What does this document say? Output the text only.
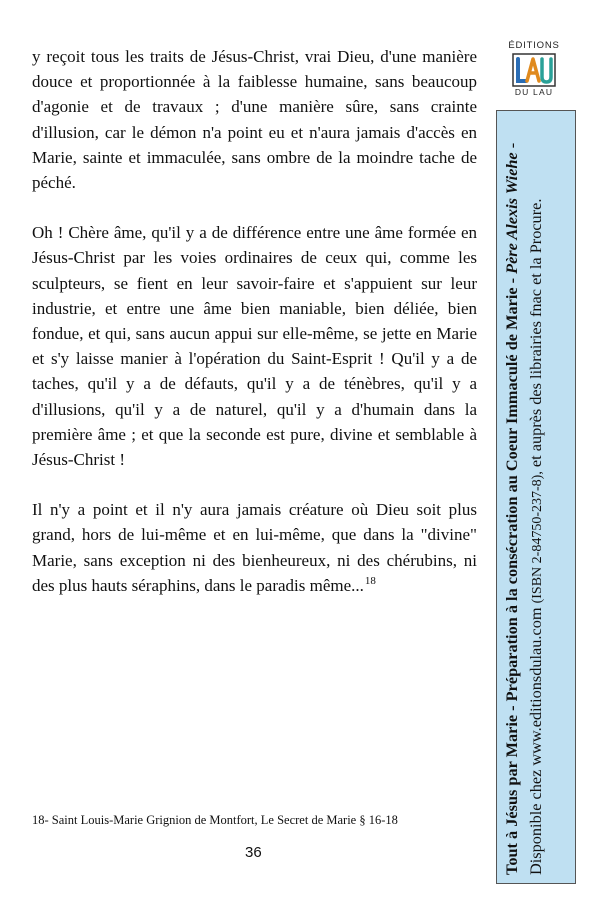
y reçoit tous les traits de Jésus-Christ, vrai Dieu, d'une manière douce et proportionnée à la faiblesse humaine, sans beaucoup d'agonie et de travaux ; d'une manière sûre, sans crainte d'illusion, car le démon n'a point eu et n'aura jamais d'accès en Marie, sainte et immaculée, sans ombre de la moindre tache de péché.

Oh ! Chère âme, qu'il y a de différence entre une âme formée en Jésus-Christ par les voies ordinaires de ceux qui, comme les sculpteurs, se fient en leur savoir-faire et s'appuient sur leur industrie, et entre une âme bien maniable, bien déliée, bien fondue, et qui, sans aucun appui sur elle-même, se jette en Marie et s'y laisse manier à l'opération du Saint-Esprit ! Qu'il y a de taches, qu'il y a de défauts, qu'il y a de ténèbres, qu'il y a d'illusions, qu'il y a de naturel, qu'il y a d'humain dans la première âme ; et que la seconde est pure, divine et semblable à Jésus-Christ !

Il n'y a point et il n'y aura jamais créature où Dieu soit plus grand, hors de lui-même et en lui-même, que dans la "divine" Marie, sans exception ni des bienheureux, ni des chérubins, ni des plus hauts séraphins, dans le paradis même...$^{18}$

18- Saint Louis-Marie Grignion de Montfort, Le Secret de Marie § 16-18
36
ÉDITIONS
DU LAU
Tout à Jésus par Marie - Préparation à la consécration au Coeur Immaculé de Marie - Père Alexis Wiehe - Disponible chez www.editionsdulau.com (ISBN 2-84750-237-8), et auprès des librairies fnac et la Procure.
